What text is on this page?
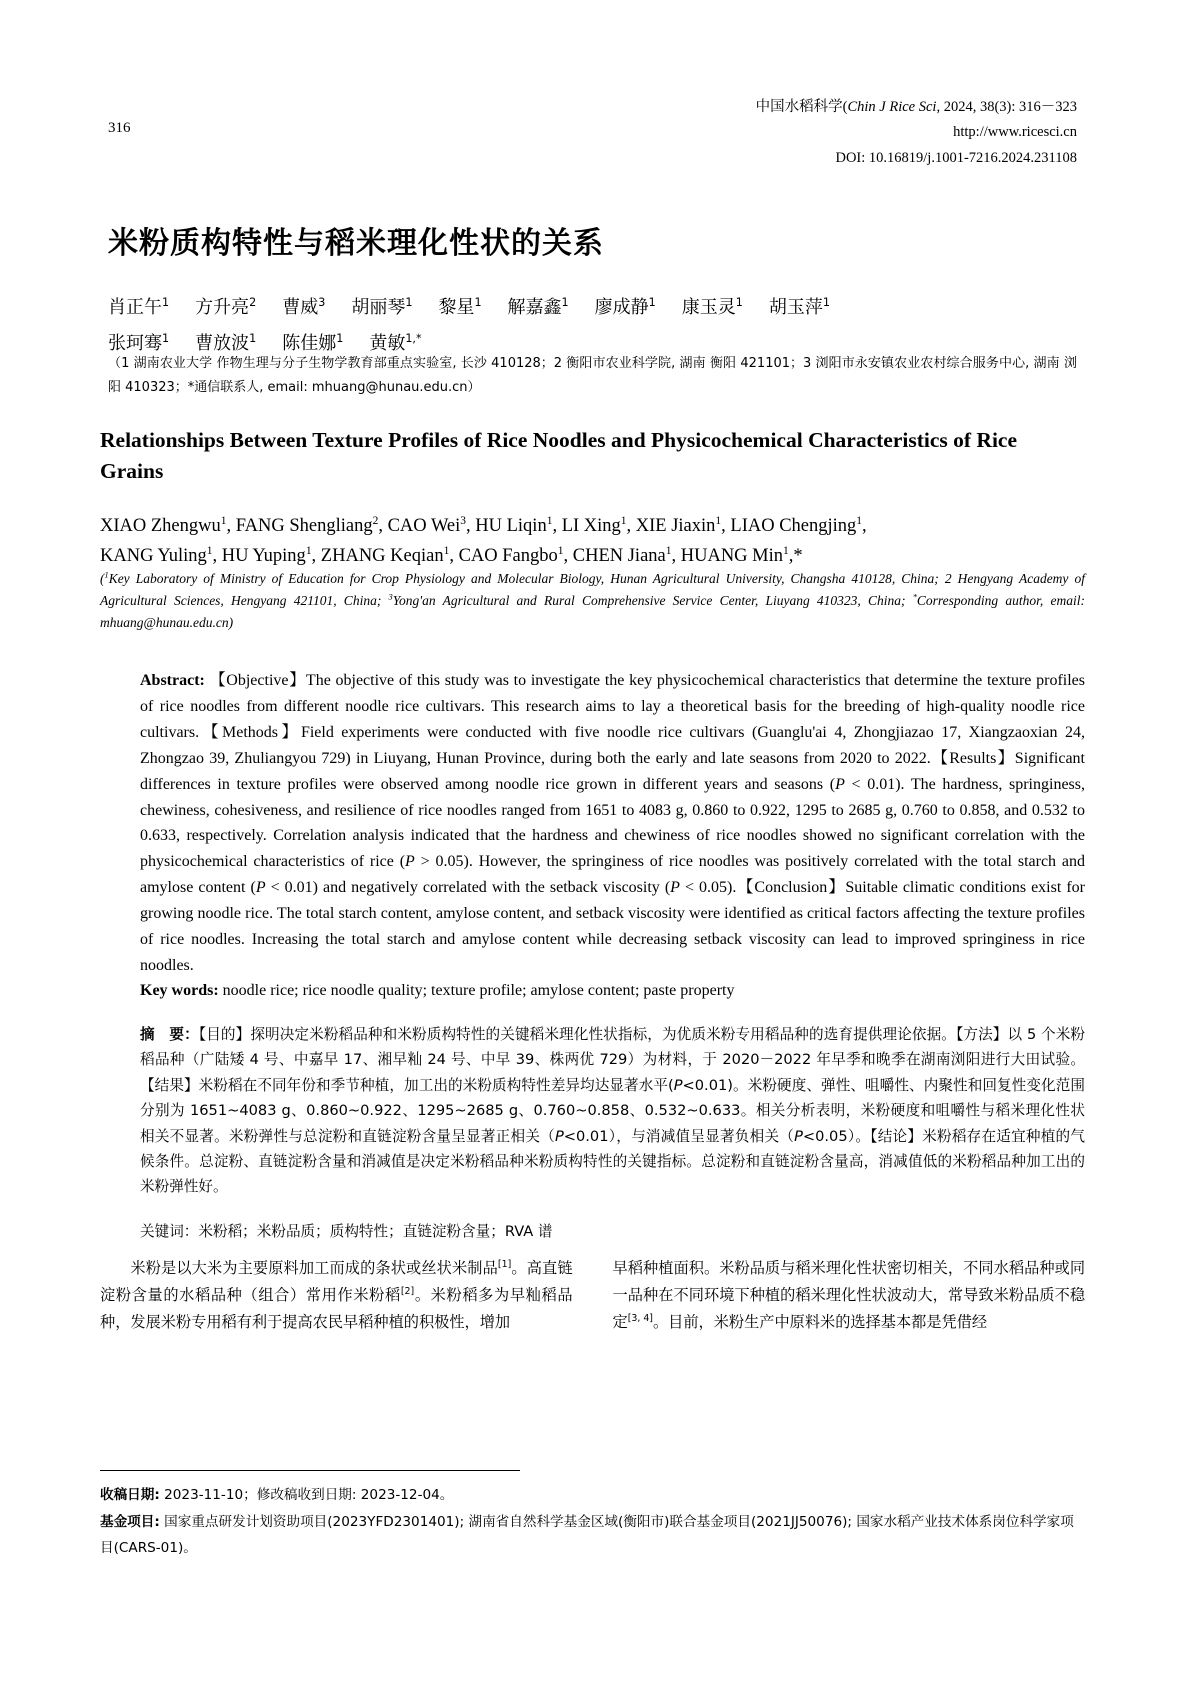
316
中国水稻科学(Chin J Rice Sci, 2024, 38(3): 316－323
http://www.ricesci.cn
DOI: 10.16819/j.1001-7216.2024.231108
米粉质构特性与稻米理化性状的关系
肖正午$^1$ 方升亮$^2$ 曹威$^3$ 胡丽琴$^1$ 黎星$^1$ 解嘉鑫$^1$ 廖成静$^1$ 康玉灵$^1$ 胡玉萍$^1$
张珂骞$^1$ 曹放波$^1$ 陈佳娜$^1$ 黄敏$^{1,*}$
（1 湖南农业大学 作物生理与分子生物学教育部重点实验室, 长沙 410128；2 衡阳市农业科学院, 湖南 衡阳 421101；3 浏阳市永安镇农业农村综合服务中心, 湖南 浏阳 410323；*通信联系人, email: mhuang@hunau.edu.cn）
Relationships Between Texture Profiles of Rice Noodles and Physicochemical Characteristics of Rice Grains
XIAO Zhengwu$^1$, FANG Shengliang$^2$, CAO Wei$^3$, HU Liqin$^1$, LI Xing$^1$, XIE Jiaxin$^1$, LIAO Chengjing$^1$,
KANG Yuling$^1$, HU Yuping$^1$, ZHANG Keqian$^1$, CAO Fangbo$^1$, CHEN Jiana$^1$, HUANG Min$^1$,*
($^1$Key Laboratory of Ministry of Education for Crop Physiology and Molecular Biology, Hunan Agricultural University, Changsha 410128, China; 2 Hengyang Academy of Agricultural Sciences, Hengyang 421101, China; $^3$Yong'an Agricultural and Rural Comprehensive Service Center, Liuyang 410323, China; *Corresponding author, email: mhuang@hunau.edu.cn)
Abstract: 【Objective】The objective of this study was to investigate the key physicochemical characteristics that determine the texture profiles of rice noodles from different noodle rice cultivars. This research aims to lay a theoretical basis for the breeding of high-quality noodle rice cultivars.【Methods】Field experiments were conducted with five noodle rice cultivars (Guanglu'ai 4, Zhongjiazao 17, Xiangzaoxian 24, Zhongzao 39, Zhuliangyou 729) in Liuyang, Hunan Province, during both the early and late seasons from 2020 to 2022.【Results】Significant differences in texture profiles were observed among noodle rice grown in different years and seasons (P < 0.01). The hardness, springiness, chewiness, cohesiveness, and resilience of rice noodles ranged from 1651 to 4083 g, 0.860 to 0.922, 1295 to 2685 g, 0.760 to 0.858, and 0.532 to 0.633, respectively. Correlation analysis indicated that the hardness and chewiness of rice noodles showed no significant correlation with the physicochemical characteristics of rice (P > 0.05). However, the springiness of rice noodles was positively correlated with the total starch and amylose content (P < 0.01) and negatively correlated with the setback viscosity (P < 0.05).【Conclusion】Suitable climatic conditions exist for growing noodle rice. The total starch content, amylose content, and setback viscosity were identified as critical factors affecting the texture profiles of rice noodles. Increasing the total starch and amylose content while decreasing setback viscosity can lead to improved springiness in rice noodles.
Key words: noodle rice; rice noodle quality; texture profile; amylose content; paste property
摘　要：【目的】探明决定米粉稻品种和米粉质构特性的关键稻米理化性状指标，为优质米粉专用稻品种的选育提供理论依据。【方法】以 5 个米粉稻品种（广陆矮 4 号、中嘉早 17、湘早籼 24 号、中早 39、株两优 729）为材料，于 2020－2022 年早季和晚季在湖南浏阳进行大田试验。【结果】米粉稻在不同年份和季节种植，加工出的米粉质构特性差异均达显著水平(P<0.01)。米粉硬度、弹性、咀嚼性、内聚性和回复性变化范围分别为 1651~4083 g、0.860~0.922、1295~2685 g、0.760~0.858、0.532~0.633。相关分析表明，米粉硬度和咀嚼性与稻米理化性状相关不显著。米粉弹性与总淀粉和直链淀粉含量呈显著正相关（P<0.01），与消减值呈显著负相关（P<0.05）。【结论】米粉稻存在适宜种植的气候条件。总淀粉、直链淀粉含量和消减值是决定米粉稻品种米粉质构特性的关键指标。总淀粉和直链淀粉含量高，消减值低的米粉稻品种加工出的米粉弹性好。
关键词：米粉稻；米粉品质；质构特性；直链淀粉含量；RVA 谱

米粉是以大米为主要原料加工而成的条状或丝状米制品[1]。高直链淀粉含量的水稻品种（组合）常用作米粉稻[2]。米粉稻多为早籼稻品种，发展米粉专用稻有利于提高农民早稻种植的积极性，增加

早稻种植面积。米粉品质与稻米理化性状密切相关，不同水稻品种或同一品种在不同环境下种植的稻米理化性状波动大，常导致米粉品质不稳定[3, 4]。目前，米粉生产中原料米的选择基本都是凭借经

收稿日期: 2023-11-10；修改稿收到日期: 2023-12-04。
基金项目: 国家重点研发计划资助项目(2023YFD2301401); 湖南省自然科学基金区域(衡阳市)联合基金项目(2021JJ50076); 国家水稻产业技术体系岗位科学家项目(CARS-01)。
